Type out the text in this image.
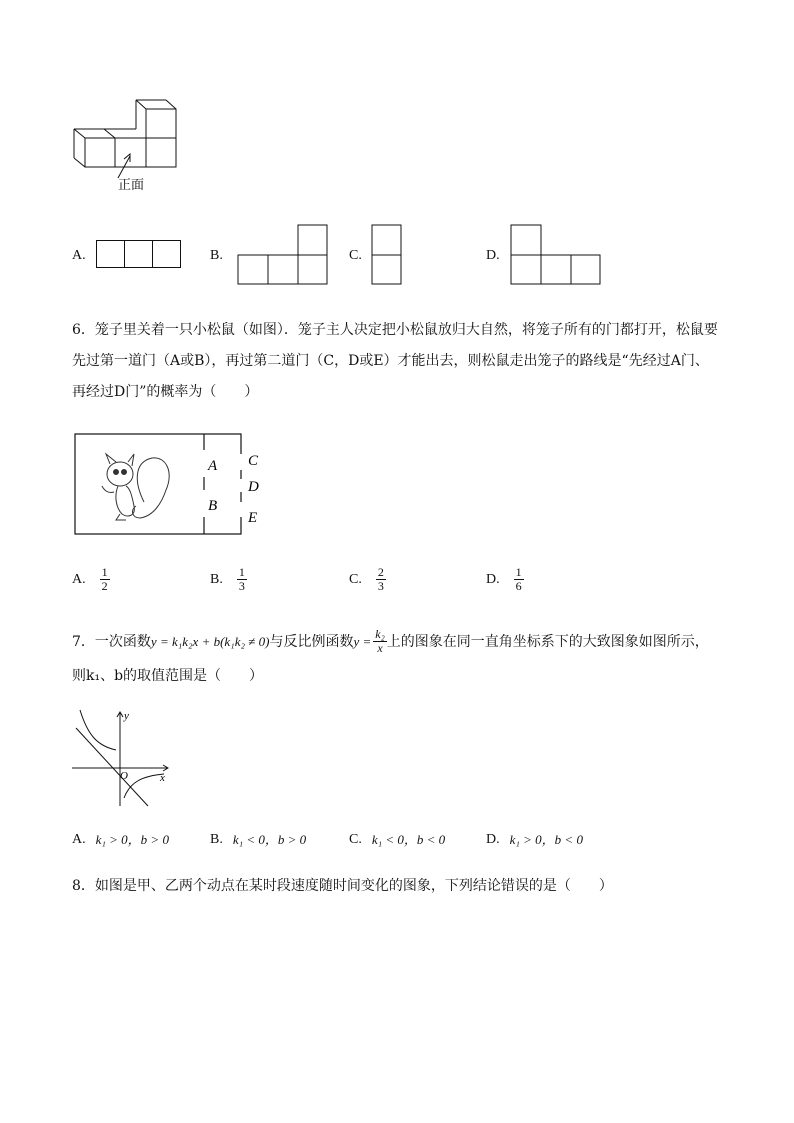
正面
A.	B.	C.	D.
6．笼子里关着一只小松鼠（如图）．笼子主人决定把小松鼠放归大自然，将笼子所有的门都打开，松鼠要
先过第一道门（A或B），再过第二道门（C，D或E）才能出去，则松鼠走出笼子的路线是“先经过A门、
再经过D门”的概率为（　　）
A
B
C
D
E
A. $\frac{1}{2}$	B. $\frac{1}{3}$	C. $\frac{2}{3}$	D. $\frac{1}{6}$
7．一次函数 y = k₁k₂x + b(k₁k₂ ≠ 0) 与反比例函数 $y = \frac{\text{k₂}}{x}$ 上的图象在同一直角坐标系下的大致图象如图所示，
则k₁、b的取值范围是（　　）
y
x
O
A. k₁ > 0，b > 0	B. k₁ < 0，b > 0	C. k₁ < 0，b < 0	D. k₁ > 0，b < 0
8．如图是甲、乙两个动点在某时段速度随时间变化的图象，下列结论错误的是（　　）
